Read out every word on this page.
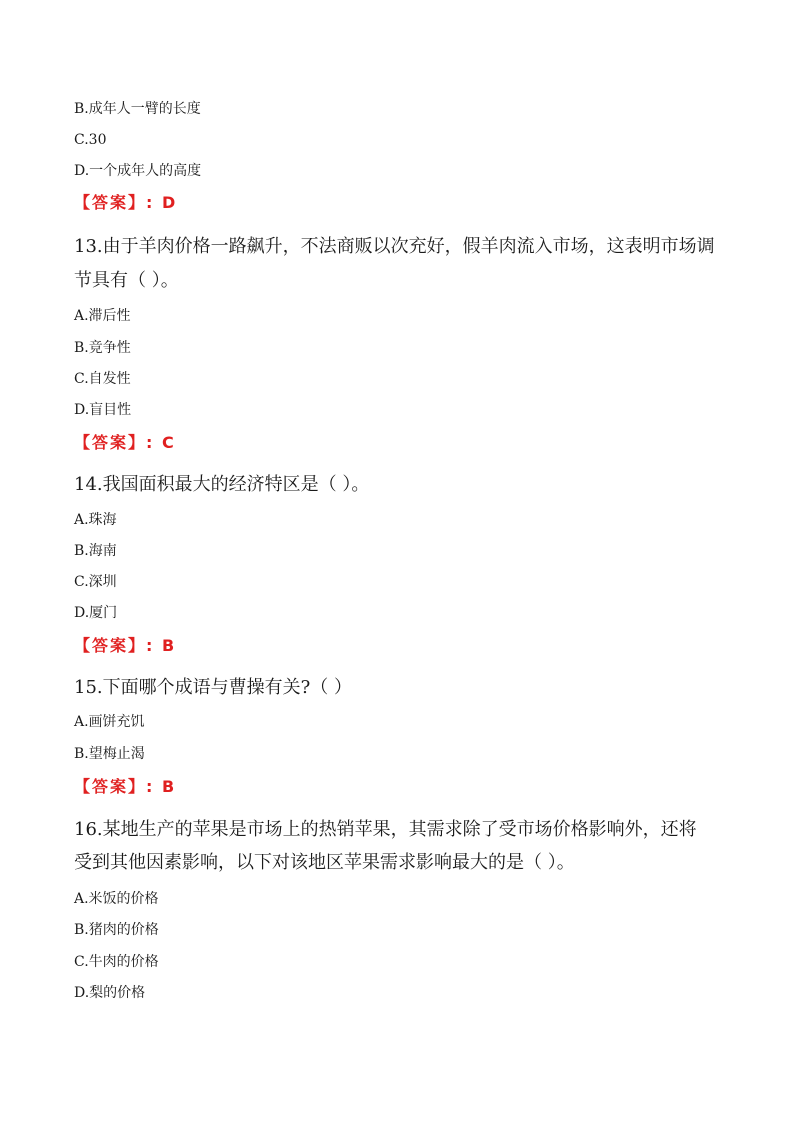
B.成年人一臂的长度
C.30
D.一个成年人的高度
【答案】: D
13.由于羊肉价格一路飙升，不法商贩以次充好，假羊肉流入市场，这表明市场调
节具有（ ）。
A.滞后性
B.竞争性
C.自发性
D.盲目性
【答案】: C
14.我国面积最大的经济特区是（ ）。
A.珠海
B.海南
C.深圳
D.厦门
【答案】: B
15.下面哪个成语与曹操有关?（ ）
A.画饼充饥
B.望梅止渴
【答案】: B
16.某地生产的苹果是市场上的热销苹果，其需求除了受市场价格影响外，还将
受到其他因素影响，以下对该地区苹果需求影响最大的是（ ）。
A.米饭的价格
B.猪肉的价格
C.牛肉的价格
D.梨的价格
